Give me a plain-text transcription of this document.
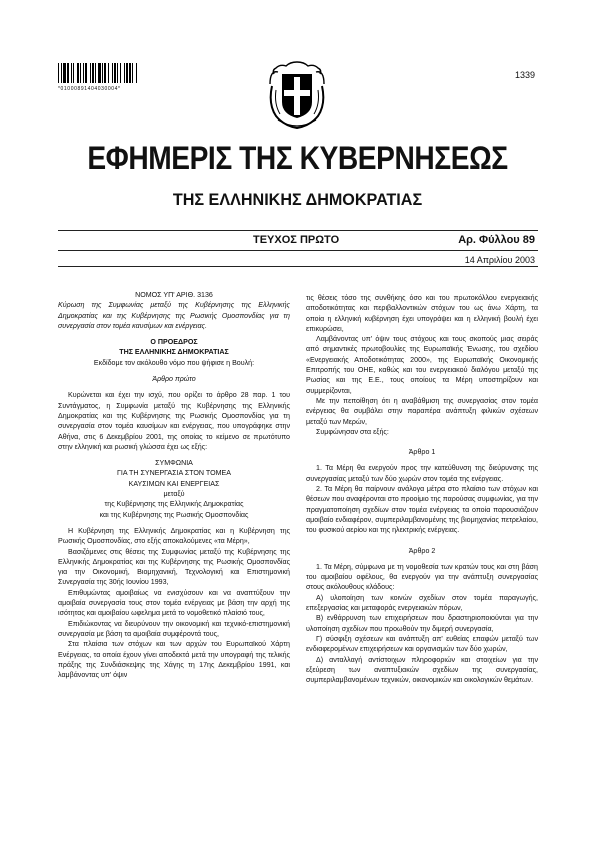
*01000891404030004*
1339
ΕΦΗΜΕΡΙΣ ΤΗΣ ΚΥΒΕΡΝΗΣΕΩΣ
ΤΗΣ ΕΛΛΗΝΙΚΗΣ ΔΗΜΟΚΡΑΤΙΑΣ
ΤΕΥΧΟΣ ΠΡΩΤΟ	Αρ. Φύλλου 89
14 Απριλίου 2003

ΝΟΜΟΣ ΥΠ' ΑΡΙΘ. 3136

Κύρωση της Συμφωνίας μεταξύ της Κυβέρνησης της Ελληνικής Δημοκρατίας και της Κυβέρνησης της Ρωσικής Ομοσπονδίας για τη συνεργασία στον τομέα καυσίμων και ενέργειας.

Ο ΠΡΟΕΔΡΟΣ

ΤΗΣ ΕΛΛΗΝΙΚΗΣ ΔΗΜΟΚΡΑΤΙΑΣ

Εκδίδομε τον ακόλουθο νόμο που ψήφισε η Βουλή:

Άρθρο πρώτο

Κυρώνεται και έχει την ισχύ, που ορίζει το άρθρο 28 παρ. 1 του Συντάγματος, η Συμφωνία μεταξύ της Κυβέρνησης της Ελληνικής Δημοκρατίας και της Κυβέρνησης της Ρωσικής Ομοσπονδίας για τη συνεργασία στον τομέα καυσίμων και ενέργειας, που υπογράφηκε στην Αθήνα, στις 6 Δεκεμβρίου 2001, της οποίας το κείμενο σε πρωτότυπο στην ελληνική και ρωσική γλώσσα έχει ως εξής:

ΣΥΜΦΩΝΙΑ

ΓΙΑ ΤΗ ΣΥΝΕΡΓΑΣΙΑ ΣΤΟΝ ΤΟΜΕΑ

ΚΑΥΣΙΜΩΝ ΚΑΙ ΕΝΕΡΓΕΙΑΣ

μεταξύ

της Κυβέρνησης της Ελληνικής Δημοκρατίας

και της Κυβέρνησης της Ρωσικής Ομοσπονδίας

Η Κυβέρνηση της Ελληνικής Δημοκρατίας και η Κυβέρνηση της Ρωσικής Ομοσπονδίας, στο εξής αποκαλούμενες «τα Μέρη»,

Βασιζόμενες στις θέσεις της Συμφωνίας μεταξύ της Κυβέρνησης της Ελληνικής Δημοκρατίας και της Κυβέρνησης της Ρωσικής Ομοσπονδίας για την Οικονομική, Βιομηχανική, Τεχνολογική και Επιστημονική Συνεργασία της 30ής Ιουνίου 1993,

Επιθυμώντας αμοιβαίως να ενισχύσουν και να αναπτύξουν την αμοιβαία συνεργασία τους στον τομέα ενέργειας με βάση την αρχή της ισότητας και αμοιβαίου ωφελημα μετά το νομοθετικό πλαίσιό τους,

Επιδιώκοντας να διευρύνουν την οικονομική και τεχνικό-επιστημονική συνεργασία με βάση τα αμοιβαία συμφέροντά τους,

Στα πλαίσια των στόχων και των αρχών του Ευρωπαϊκού Χάρτη Ενέργειας, τα οποία έχουν γίνει αποδεκτά μετά την υπογραφή της τελικής πράξης της Συνδιάσκεψης της Χάγης τη 17ης Δεκεμβρίου 1991, και λαμβάνοντας υπ' όψιν

τις θέσεις τόσο της συνθήκης όσο και του πρωτοκόλλου ενεργειακής αποδοτικότητας και περιβαλλοντικών στόχων του ως άνω Χάρτη, τα οποία η ελληνική κυβέρνηση έχει υπογράψει και η ελληνική βουλή έχει επικυρώσει,

Λαμβάνοντας υπ' όψιν τους στόχους και τους σκοπούς μιας σειράς από σημαντικές πρωτοβουλίες της Ευρωπαϊκής Ένωσης, του σχεδίου «Ενεργειακής Αποδοτικότητας 2000», της Ευρωπαϊκής Οικονομικής Επιτροπής του ΟΗΕ, καθώς και του ενεργειακού διαλόγου μεταξύ της Ρωσίας και της Ε.Ε., τους οποίους τα Μέρη υποστηρίζουν και συμμερίζονται,

Με την πεποίθηση ότι η αναβάθμιση της συνεργασίας στον τομέα ενέργειας θα συμβάλει στην παραπέρα ανάπτυξη φιλικών σχέσεων μεταξύ των Μερών,

Συμφώνησαν στα εξής:

Άρθρο 1

1. Τα Μέρη θα ενεργούν προς την κατεύθυνση της διεύρυνσης της συνεργασίας μεταξύ των δύο χωρών στον τομέα της ενέργειας.

2. Τα Μέρη θα παίρνουν ανάλογα μέτρα στο πλαίσιο των στόχων και θέσεων που αναφέρονται στο προοίμιο της παρούσας συμφωνίας, για την πραγματοποίηση σχεδίων στον τομέα ενέργειας τα οποία παρουσιάζουν αμοιβαίο ενδιαφέρον, συμπεριλαμβανομένης της βιομηχανίας πετρελαίου, του φυσικού αερίου και της ηλεκτρικής ενέργειας.

Άρθρο 2

1. Τα Μέρη, σύμφωνα με τη νομοθεσία των κρατών τους και στη βάση του αμοιβαίου οφέλους, θα ενεργούν για την ανάπτυξη συνεργασίας στους ακόλουθους κλάδους:

Α) υλοποίηση των κοινών σχεδίων στον τομέα παραγωγής, επεξεργασίας και μεταφοράς ενεργειακών πόρων,

Β) ενθάρρυνση των επιχειρήσεων που δραστηριοποιούνται για την υλοποίηση σχεδίων που προωθούν την διμερή συνεργασία,

Γ) σύσφιξη σχέσεων και ανάπτυξη απ' ευθείας επαφών μεταξύ των ενδιαφερομένων επιχειρήσεων και οργανισμών των δύο χωρών,

Δ) ανταλλαγή αντίστοιχων πληροφοριών και στοιχείων για την εξεύρεση των αναπτυξιακών σχεδίων της συνεργασίας, συμπεριλαμβανομένων τεχνικών, οικονομικών και οικολογικών θεμάτων.
